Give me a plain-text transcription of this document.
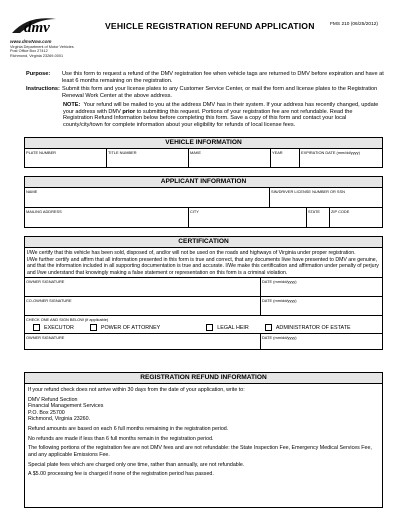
dmv
www.dmvNow.com
Virginia Department of Motor Vehicles
Post Office Box 27412
Richmond, Virginia 23269-0001
VEHICLE REGISTRATION REFUND APPLICATION	FMS 210 (06/25/2012)
Purpose:	Use this form to request a refund of the DMV registration fee when vehicle tags are returned to DMV before expiration and have at least 6 months remaining on the registration.
Instructions: Submit this form and your license plates to any Customer Service Center, or mail the form and license plates to the Registration Renewal Work Center at the above address.
NOTE: Your refund will be mailed to you at the address DMV has in their system. If your address has recently changed, update your address with DMV prior to submitting this request. Portions of your registration fee are not refundable. Read the Registration Refund Information below before completing this form. Save a copy of this form and contact your local county/city/town for complete information about your eligibility for refunds of local license fees.
VEHICLE INFORMATION
PLATE NUMBER	TITLE NUMBER	MAKE	YEAR	EXPIRATION DATE (mm/dd/yyyy)
APPLICANT INFORMATION
NAME	SIN/DRIVER LICENSE NUMBER OR SSN
MAILING ADDRESS	CITY	STATE	ZIP CODE
CERTIFICATION
I/We certify that this vehicle has been sold, disposed of, and/or will not be used on the roads and highways of Virginia under proper registration.
I/We further certify and affirm that all information presented in this form is true and correct, that any documents I/we have presented to DMV are genuine, and that the information included in all supporting documentation is true and accurate. I/We make this certification and affirmation under penalty of perjury and I/we understand that knowingly making a false statement or representation on this form is a criminal violation.
OWNER SIGNATURE	DATE (mm/dd/yyyy)
CO-OWNER SIGNATURE	DATE (mm/dd/yyyy)
CHECK ONE AND SIGN BELOW (if applicable)
EXECUTOR	POWER OF ATTORNEY	LEGAL HEIR	ADMINISTRATOR OF ESTATE
OWNER SIGNATURE	DATE (mm/dd/yyyy)
REGISTRATION REFUND INFORMATION

If your refund check does not arrive within 30 days from the date of your application, write to:

DMV Refund Section
Financial Management Services
P.O. Box 25700
Richmond, Virginia 23260.

Refund amounts are based on each 6 full months remaining in the registration period.

No refunds are made if less than 6 full months remain in the registration period.

The following portions of the registration fee are not DMV fees and are not refundable: the State Inspection Fee, Emergency Medical Services Fee, and any applicable Emissions Fee.

Special plate fees which are charged only one time, rather than annually, are not refundable.

A $5.00 processing fee is charged if none of the registration period has passed.
